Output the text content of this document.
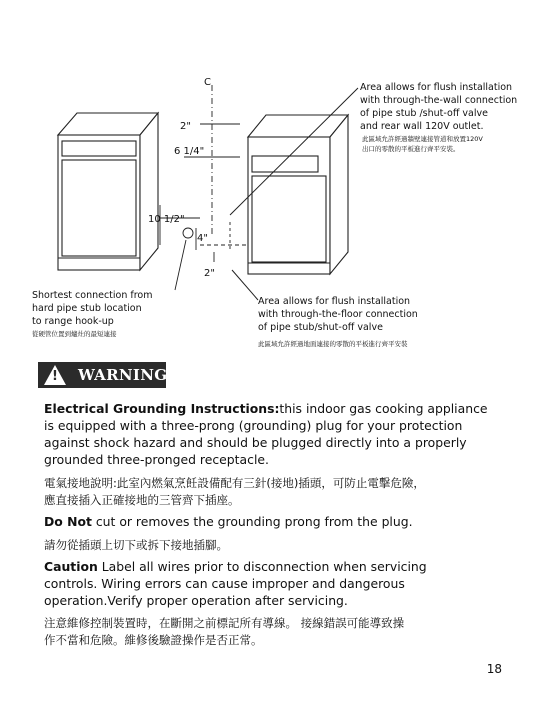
C
2"
6 1/4"
10 1/2"
4"
2"
Area allows for flush installation
with through-the-wall connection
of pipe stub /shut-off valve
and rear wall 120V outlet.
此區域允許經過牆壁連接管道和放置120V
出口的零散的平板進行齊平安裝。
Area allows for flush installation
with through-the-floor connection
of pipe stub/shut-off valve
此區域允許經過地面連接的零散的平板進行齊平安裝
Shortest connection from
hard pipe stub location
to range hook-up
從硬管位置到爐灶的最短連接
! WARNING
Electrical Grounding Instructions:this indoor gas cooking appliance
is equipped with a three-prong (grounding) plug for your protection
against shock hazard and should be plugged directly into a properly
grounded three-pronged receptacle.
電氣接地說明:此室內燃氣烹飪設備配有三針(接地)插頭，可防止電擊危險，
應直接插入正確接地的三管齊下插座。
Do Not cut or removes the grounding prong from the plug.
請勿從插頭上切下或拆下接地插腳。
Caution Label all wires prior to disconnection when servicing
controls. Wiring errors can cause improper and dangerous
operation.Verify proper operation after servicing.
注意維修控制裝置時，在斷開之前標記所有導線。 接線錯誤可能導致操
作不當和危險。維修後驗證操作是否正常。
18
